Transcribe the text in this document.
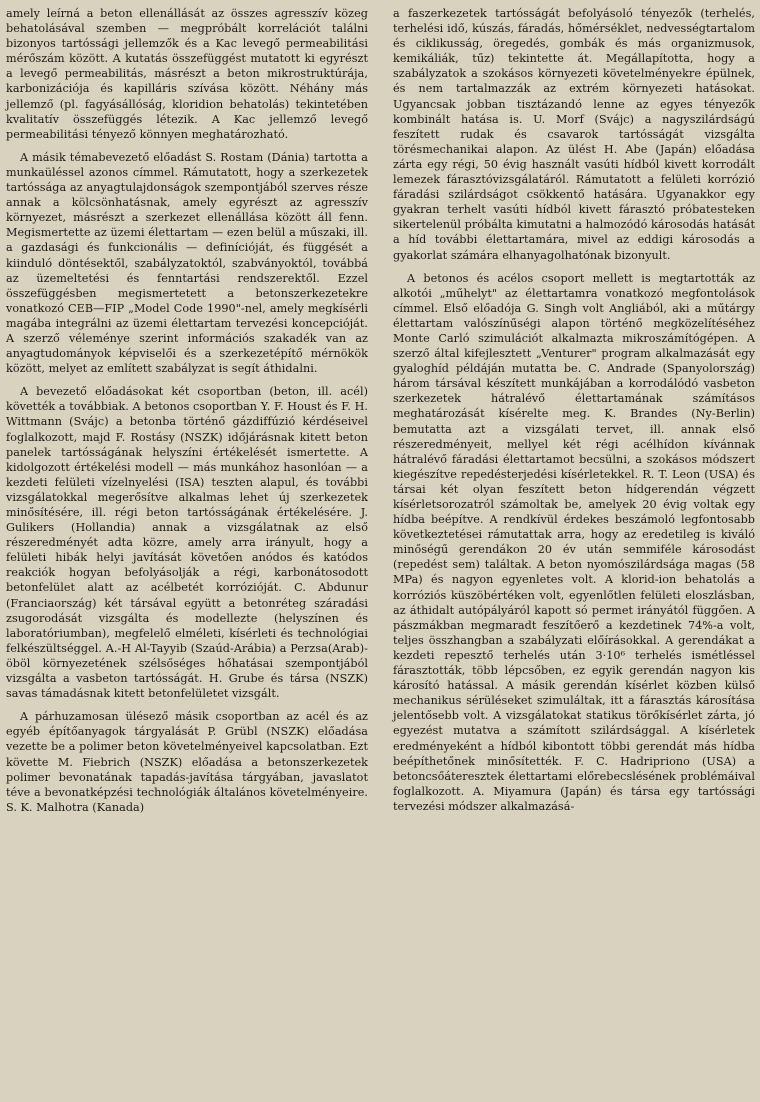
amely leírná a beton ellenállását az összes agresszív közeg behatolásával szemben — megpróbált korrelációt találni bizonyos tartóssági jellemzők és a Kac levegő permeabilitási mérőszám között. A kutatás összefüggést mutatott ki egyrészt a levegő permeabilitás, másrészt a beton mikrostruktúrája, karbonizációja és kapilláris szívása között. Néhány más jellemző (pl. fagyásállóság, kloridion behatolás) tekintetében kvalitatív összefüggés létezik. A Kac jellemző levegő permeabilitási tényező könnyen meghatározható.

A másik témabevezető előadást S. Rostam (Dánia) tartotta a munkaüléssel azonos címmel. Rámutatott, hogy a szerkezetek tartóssága az anyagtulajdonságok szempontjából szerves része annak a kölcsönhatásnak, amely egyrészt az agresszív környezet, másrészt a szerkezet ellenállása között áll fenn. Megismertette az üzemi élettartam — ezen belül a műszaki, ill. a gazdasági és funkcionális — definícióját, és függését a kiinduló döntésektől, szabályzatoktól, szabványoktól, továbbá az üzemeltetési és fenntartási rendszerektől. Ezzel összefüggésben megismertetett a betonszerkezetekre vonatkozó CEB—FIP „Model Code 1990"-nel, amely megkísérli magába integrálni az üzemi élettartam tervezési koncepcióját. A szerző véleménye szerint információs szakadék van az anyagtudományok képviselői és a szerkezetépítő mérnökök között, melyet az említett szabályzat is segít áthidalni.

A bevezető előadásokat két csoportban (beton, ill. acél) követték a továbbiak. A betonos csoportban Y. F. Houst és F. H. Wittmann (Svájc) a betonba történő gázdiffúzió kérdéseivel foglalkozott, majd F. Rostásy (NSZK) időjárásnak kitett beton panelek tartósságának helyszíni értékelését ismertette. A kidolgozott értékelési modell — más munkához hasonlóan — a kezdeti felületi vízelnyelési (ISA) teszten alapul, és további vizsgálatokkal megerősítve alkalmas lehet új szerkezetek minősítésére, ill. régi beton tartósságának értékelésére. J. Gulikers (Hollandia) annak a vizsgálatnak az első részeredményét adta közre, amely arra irányult, hogy a felületi hibák helyi javítását követően anódos és katódos reakciók hogyan befolyásolják a régi, karbonátosodott betonfelület alatt az acélbetét korrózióját. C. Abdunur (Franciaország) két társával együtt a betonréteg száradási zsugorodását vizsgálta és modellezte (helyszínen és laboratóriumban), megfelelő elméleti, kísérleti és technológiai felkészültséggel. A.-H Al-Tayyib (Szaúd-Arábia) a Perzsa(Arab)-öböl környezetének szélsőséges hőhatásai szempontjából vizsgálta a vasbeton tartósságát. H. Grube és társa (NSZK) savas támadásnak kitett betonfelületet vizsgált.

A párhuzamosan ülésező másik csoportban az acél és az egyéb építőanyagok tárgyalását P. Grübl (NSZK) előadása vezette be a polimer beton követelményeivel kapcsolatban. Ezt követte M. Fiebrich (NSZK) előadása a betonszerkezetek polimer bevonatának tapadás-javítása tárgyában, javaslatot téve a bevonatképzési technológiák általános követelményeire. S. K. Malhotra (Kanada)

a faszerkezetek tartósságát befolyásoló tényezők (terhelés, terhelési idő, kúszás, fáradás, hőmérséklet, nedvességtartalom és ciklikusság, öregedés, gombák és más organizmusok, kemikáliák, tűz) tekintette át. Megállapította, hogy a szabályzatok a szokásos környezeti követelményekre épülnek, és nem tartalmazzák az extrém környezeti hatásokat. Ugyancsak jobban tisztázandó lenne az egyes tényezők kombinált hatása is. U. Morf (Svájc) a nagyszilárdságú feszített rudak és csavarok tartósságát vizsgálta törésmechanikai alapon. Az ülést H. Abe (Japán) előadása zárta egy régi, 50 évig használt vasúti hídból kivett korrodált lemezek fárasztóvizsgálatáról. Rámutatott a felületi korrózió fáradási szilárdságot csökkentő hatására. Ugyanakkor egy gyakran terhelt vasúti hídból kivett fárasztó próbatesteken sikertelenül próbálta kimutatni a halmozódó károsodás hatását a híd további élettartamára, mivel az eddigi károsodás a gyakorlat számára elhanyagolhatónak bizonyult.

A betonos és acélos csoport mellett is megtartották az alkotói „műhelyt" az élettartamra vonatkozó megfontolások címmel. Első előadója G. Singh volt Angliából, aki a műtárgy élettartam valószínűségi alapon történő megközelítéséhez Monte Carló szimulációt alkalmazta mikroszámítógépen. A szerző által kifejlesztett „Venturer" program alkalmazását egy gyaloghíd példáján mutatta be. C. Andrade (Spanyolország) három társával készített munkájában a korrodálódó vasbeton szerkezetek hátralévő élettartamának számításos meghatározását kísérelte meg. K. Brandes (Ny-Berlin) bemutatta azt a vizsgálati tervet, ill. annak első részeredményeit, mellyel két régi acélhídon kívánnak hátralévő fáradási élettartamot becsülni, a szokásos módszert kiegészítve repedésterjedési kísérletekkel. R. T. Leon (USA) és társai két olyan feszített beton hídgerendán végzett kísérletsorozatról számoltak be, amelyek 20 évig voltak egy hídba beépítve. A rendkívül érdekes beszámoló legfontosabb következtetései rámutattak arra, hogy az eredetileg is kiváló minőségű gerendákon 20 év után semmiféle károsodást (repedést sem) találtak. A beton nyomószilárdsága magas (58 MPa) és nagyon egyenletes volt. A klorid-ion behatolás a korróziós küszöbértéken volt, egyenlőtlen felületi eloszlásban, az áthidalt autópályáról kapott só permet irányától függően. A pászmákban megmaradt feszítőerő a kezdetinek 74%-a volt, teljes összhangban a szabályzati előírásokkal. A gerendákat a kezdeti repesztő terhelés után 3·10⁶ terhelés ismétléssel fárasztották, több lépcsőben, ez egyik gerendán nagyon kis károsító hatással. A másik gerendán kísérlet közben külső mechanikus sérüléseket szimuláltak, itt a fárasztás károsítása jelentősebb volt. A vizsgálatokat statikus törőkísérlet zárta, jó egyezést mutatva a számított szilárdsággal. A kísérletek eredményeként a hídból kibontott többi gerendát más hídba beépíthetőnek minősítették. F. C. Hadripriono (USA) a betoncsőáteresztek élettartami előrebecslésének problémáival foglalkozott. A. Miyamura (Japán) és társa egy tartóssági tervezési módszer alkalmazásá-
